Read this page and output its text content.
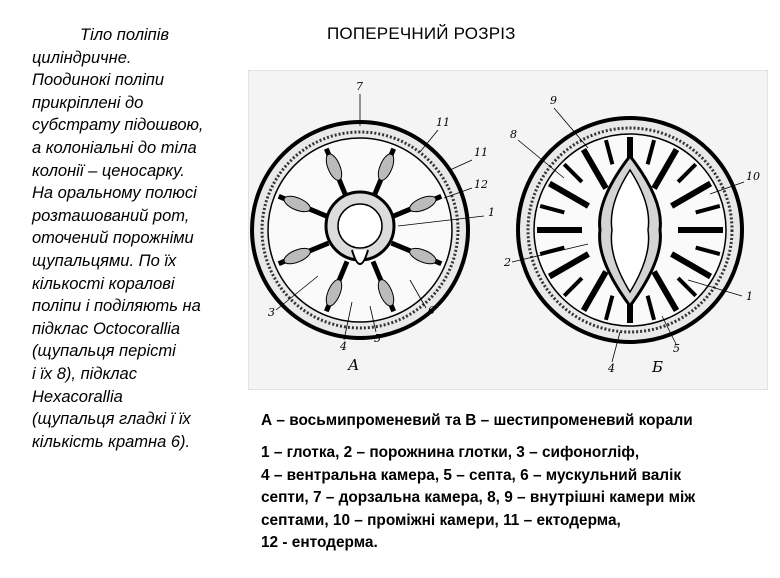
Тіло поліпів

циліндричне.

Поодинокі поліпи

прикріплені до

субстрату підошвою,

а колоніальні до тіла

колонії – ценосарку.

На оральному полюсі

розташований рот,

оточений порожніми

щупальцями. По їх

кількості коралові

поліпи і поділяють на

підклас Octocorallia

(щупальця перісті

і їх 8), підклас

Hexacorallia

(щупальця гладкі ї їх

кількість кратна 6).

ПОПЕРЕЧНИЙ РОЗРІЗ
7
11
11
12
1
3
4
5
6
А
9
8
10
2
1
4
5
Б
А – восьмипроменевий та В – шестипроменевий корали
1 – глотка, 2 – порожнина глотки, 3 – сифоногліф,
4 – вентральна камера, 5 – септа, 6 – мускульний валік
септи, 7 – дорзальна камера, 8, 9 – внутрішні камери між
септами, 10 – проміжні камери, 11 – ектодерма,
12 - ентодерма.
